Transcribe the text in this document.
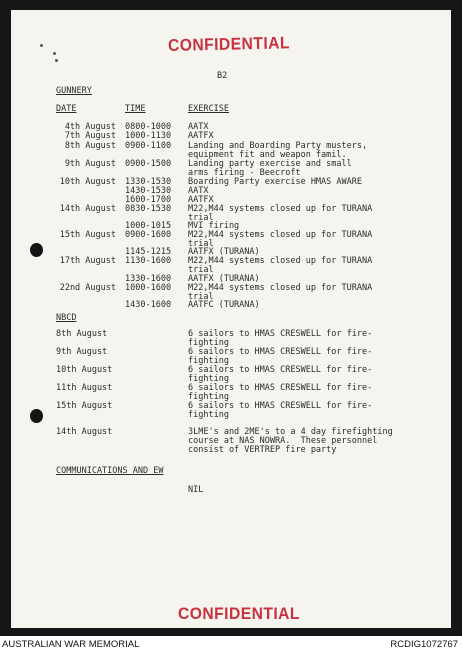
CONFIDENTIAL
B2
GUNNERY
DATE	TIME	EXERCISE
4th August 0800-1000 AATX
7th August 1000-1130 AATFX
8th August 0900-1100 Landing and Boarding Party musters,
equipment fit and weapon famil.
9th August 0900-1500 Landing party exercise and small
arms firing - Beecroft
10th August 1330-1530 Boarding Party exercise HMAS AWARE
1430-1530 AATX
1600-1700 AATFX
14th August 0830-1530 M22,M44 systems closed up for TURANA
trial
1000-1015 MVI firing
15th August 0900-1600 M22,M44 systems closed up for TURANA
trial
1145-1215 AATFX (TURANA)
17th August 1130-1600 M22,M44 systems closed up for TURANA
trial
1330-1600 AATFX (TURANA)
22nd August 1000-1600 M22,M44 systems closed up for TURANA
trial
1430-1600 AATFC (TURANA)
NBCD
8th August	6 sailors to HMAS CRESWELL for fire-
fighting
9th August	6 sailors to HMAS CRESWELL for fire-
fighting
10th August	6 sailors to HMAS CRESWELL for fire-
fighting
11th August	6 sailors to HMAS CRESWELL for fire-
fighting
15th August	6 sailors to HMAS CRESWELL for fire-
fighting
14th August	3LME's and 2ME's to a 4 day firefighting
course at NAS NOWRA.  These personnel
consist of VERTREP fire party
COMMUNICATIONS AND EW
NIL
CONFIDENTIAL
AUSTRALIAN WAR MEMORIAL	RCDIG1072767
